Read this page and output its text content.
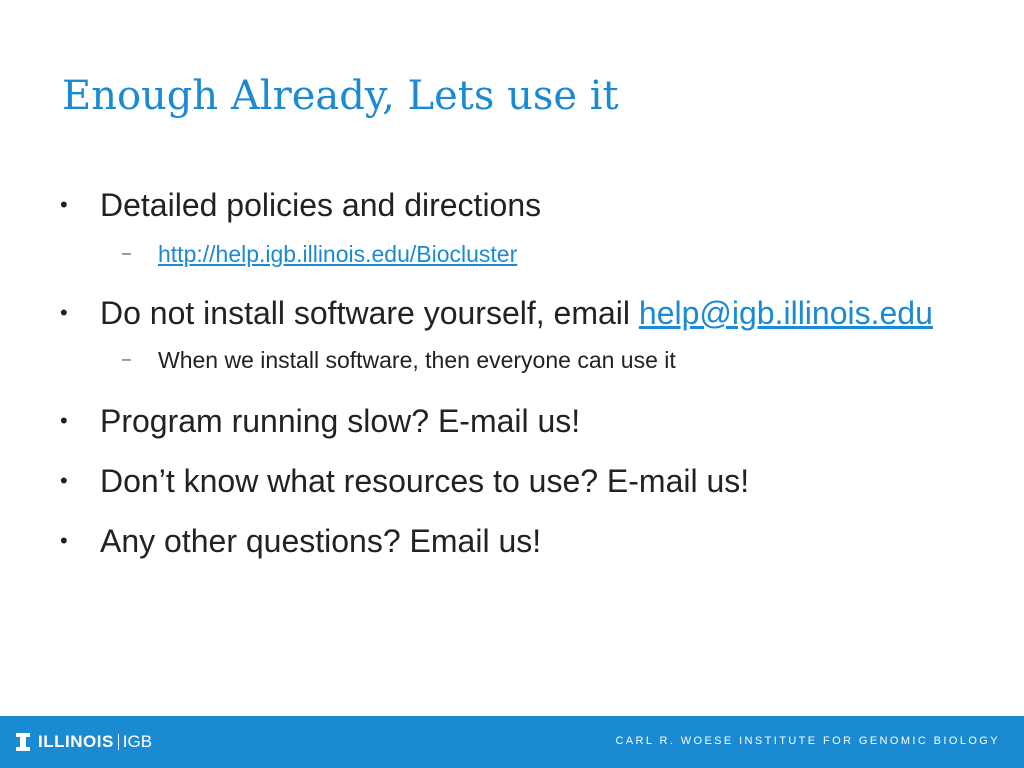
Enough Already, Lets use it

• Detailed policies and directions

– http://help.igb.illinois.edu/Biocluster

• Do not install software yourself, email help@igb.illinois.edu

– When we install software, then everyone can use it

• Program running slow? E-mail us!

• Don’t know what resources to use? E-mail us!

• Any other questions? Email us!

ILLINOIS IGB	CARL R. WOESE INSTITUTE FOR GENOMIC BIOLOGY
